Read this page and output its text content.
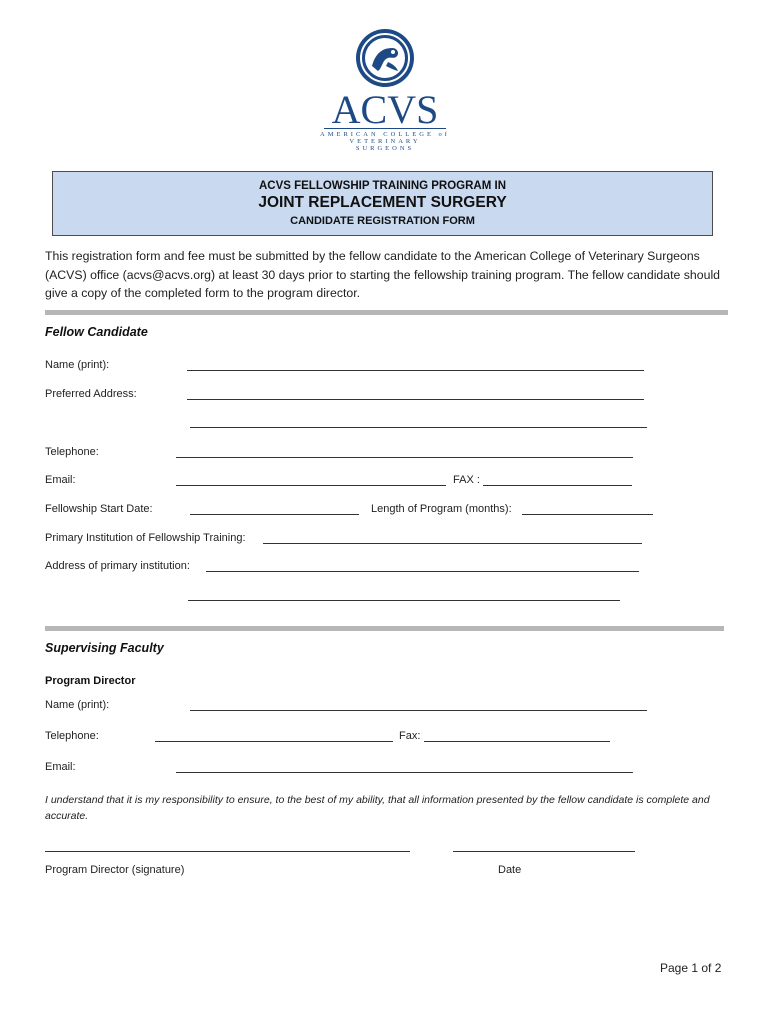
ACVS
AMERICAN COLLEGE of
VETERINARY SURGEONS
ACVS FELLOWSHIP TRAINING PROGRAM IN
JOINT REPLACEMENT SURGERY
CANDIDATE REGISTRATION FORM
This registration form and fee must be submitted by the fellow candidate to the American College of Veterinary Surgeons (ACVS) office (acvs@acvs.org) at least 30 days prior to starting the fellowship training program. The fellow candidate should give a copy of the completed form to the program director.
Fellow Candidate
Name (print):
Preferred Address:
Telephone:
Email:	FAX :
Fellowship Start Date:	Length of Program (months):
Primary Institution of Fellowship Training:
Address of primary institution:
Supervising Faculty
Program Director
Name (print):
Telephone:	Fax:
Email:
I understand that it is my responsibility to ensure, to the best of my ability, that all information presented by the fellow candidate is complete and accurate.
Program Director (signature)	Date
Page 1 of 2
